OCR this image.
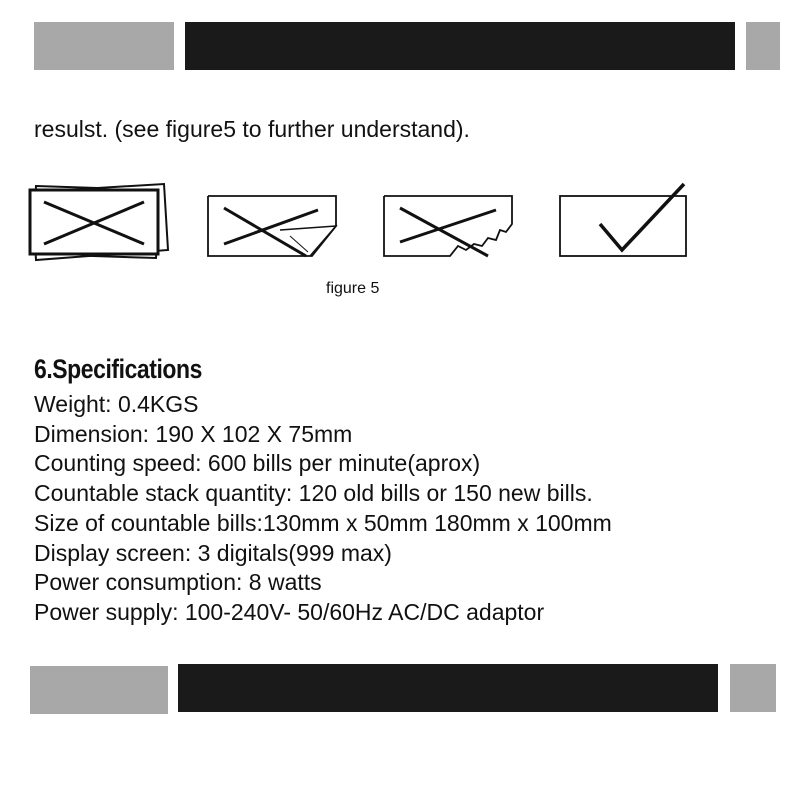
resulst. (see figure5 to further understand).
figure 5
6.Specifications
Weight: 0.4KGS
Dimension: 190 X 102 X 75mm
Counting speed: 600 bills per minute(aprox)
Countable stack quantity: 120 old bills or 150 new bills.
Size of countable bills:130mm x 50mm 180mm x 100mm
Display screen: 3 digitals(999 max)
Power consumption: 8 watts
Power supply: 100-240V- 50/60Hz AC/DC adaptor
